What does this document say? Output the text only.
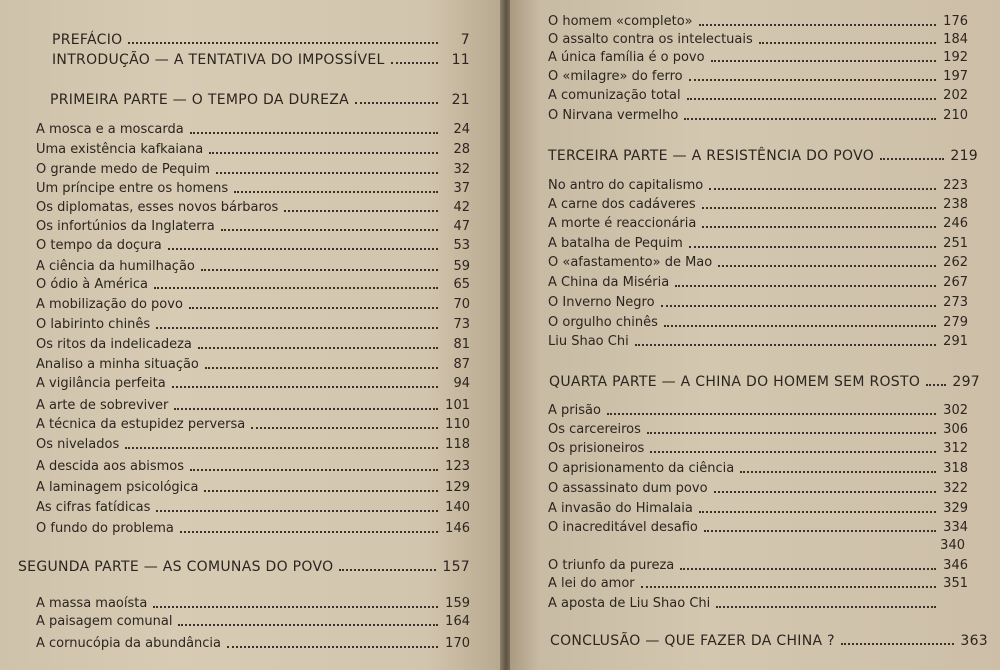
PREFÁCIO	7
INTRODUÇÃO — A TENTATIVA DO IMPOSSÍVEL	11
PRIMEIRA PARTE — O TEMPO DA DUREZA	21
A mosca e a moscarda	24
Uma existência kafkaiana	28
O grande medo de Pequim	32
Um príncipe entre os homens	37
Os diplomatas, esses novos bárbaros	42
Os infortúnios da Inglaterra	47
O tempo da doçura	53
A ciência da humilhação	59
O ódio à América	65
A mobilização do povo	70
O labirinto chinês	73
Os ritos da indelicadeza	81
Analiso a minha situação	87
A vigilância perfeita	94
A arte de sobreviver	101
A técnica da estupidez perversa	110
Os nivelados	118
A descida aos abismos	123
A laminagem psicológica	129
As cifras fatídicas	140
O fundo do problema	146
SEGUNDA PARTE — AS COMUNAS DO POVO	157
A massa maoísta	159
A paisagem comunal	164
A cornucópia da abundância	170
O homem «completo»	176
O assalto contra os intelectuais	184
A única família é o povo	192
O «milagre» do ferro	197
A comunização total	202
O Nirvana vermelho	210
TERCEIRA PARTE — A RESISTÊNCIA DO POVO	219
No antro do capitalismo	223
A carne dos cadáveres	238
A morte é reaccionária	246
A batalha de Pequim	251
O «afastamento» de Mao	262
A China da Miséria	267
O Inverno Negro	273
O orgulho chinês	279
Liu Shao Chi	291
QUARTA PARTE — A CHINA DO HOMEM SEM ROSTO 297
A prisão	302
Os carcereiros	306
Os prisioneiros	312
O aprisionamento da ciência	318
O assassinato dum povo	322
A invasão do Himalaia	329
O inacreditável desafio	334
340
O triunfo da pureza	346
A lei do amor	351
A aposta de Liu Shao Chi
CONCLUSÃO — QUE FAZER DA CHINA ?	363
